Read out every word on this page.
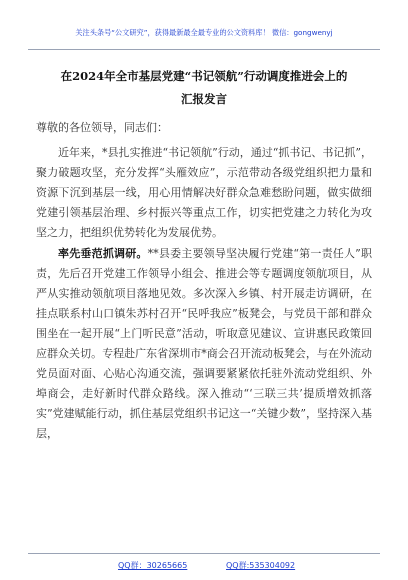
关注头条号“公文研究”，获得最新最全最专业的公文资料库！ 微信：gongwenyj
在2024年全市基层党建“书记领航”行动调度推进会上的
汇报发言
尊敬的各位领导，同志们：

近年来，*县扎实推进“书记领航”行动，通过“抓书记、书记抓”，聚力破题攻坚，充分发挥“头雁效应”，示范带动各级党组织把力量和资源下沉到基层一线，用心用情解决好群众急难愁盼问题，做实做细党建引领基层治理、乡村振兴等重点工作，切实把党建之力转化为攻坚之力，把组织优势转化为发展优势。

率先垂范抓调研。**县委主要领导坚决履行党建“第一责任人”职责，先后召开党建工作领导小组会、推进会等专题调度领航项目，从严从实推动领航项目落地见效。多次深入乡镇、村开展走访调研，在挂点联系村山口镇朱苏村召开“民呼我应”板凳会，与党员干部和群众围坐在一起开展“上门听民意”活动，听取意见建议、宣讲惠民政策回应群众关切。专程赴广东省深圳市*商会召开流动板凳会，与在外流动党员面对面、心贴心沟通交流，强调要紧紧依托驻外流动党组织、外埠商会，走好新时代群众路线。深入推动“‘三联三共’提质增效抓落实”党建赋能行动，抓住基层党组织书记这一“关键少数”，坚持深入基层，

QQ群：30265665	QQ群:535304092
